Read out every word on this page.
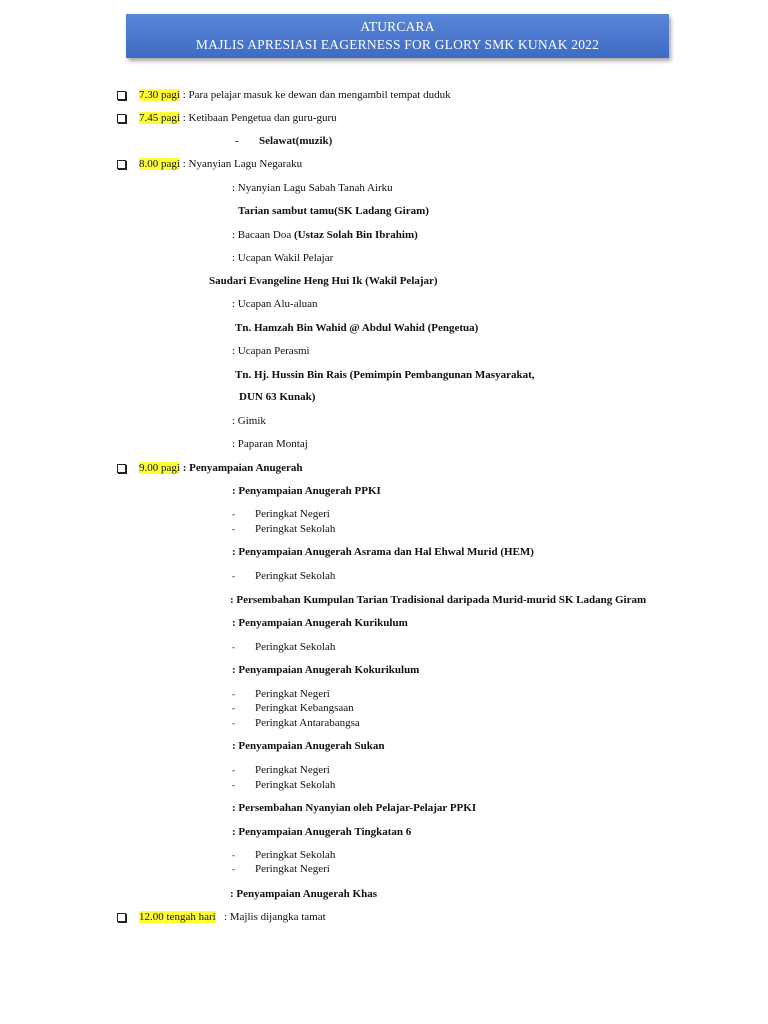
ATURCARA
MAJLIS APRESIASI EAGERNESS FOR GLORY SMK KUNAK 2022
7.30 pagi : Para pelajar masuk ke dewan dan mengambil tempat duduk
7.45 pagi : Ketibaan Pengetua dan guru-guru
- Selawat(muzik)
8.00 pagi : Nyanyian Lagu Negaraku
: Nyanyian Lagu Sabah Tanah Airku
Tarian sambut tamu(SK Ladang Giram)
: Bacaan Doa (Ustaz Solah Bin Ibrahim)
: Ucapan Wakil Pelajar
Saudari Evangeline Heng Hui Ik (Wakil Pelajar)
: Ucapan Alu-aluan
Tn. Hamzah Bin Wahid @ Abdul Wahid (Pengetua)
: Ucapan Perasmi
Tn. Hj. Hussin Bin Rais (Pemimpin Pembangunan Masyarakat,
DUN 63 Kunak)
: Gimik
: Paparan Montaj
9.00 pagi : Penyampaian Anugerah
: Penyampaian Anugerah PPKI
- Peringkat Negeri
- Peringkat Sekolah
: Penyampaian Anugerah Asrama dan Hal Ehwal Murid (HEM)
- Peringkat Sekolah
: Persembahan Kumpulan Tarian Tradisional daripada Murid-murid SK Ladang Giram
: Penyampaian Anugerah Kurikulum
- Peringkat Sekolah
: Penyampaian Anugerah Kokurikulum
- Peringkat Negeri
- Peringkat Kebangsaan
- Peringkat Antarabangsa
: Penyampaian Anugerah Sukan
- Peringkat Negeri
- Peringkat Sekolah
: Persembahan Nyanyian oleh Pelajar-Pelajar PPKI
: Penyampaian Anugerah Tingkatan 6
- Peringkat Sekolah
- Peringkat Negeri
: Penyampaian Anugerah Khas
12.00 tengah hari   : Majlis dijangka tamat
